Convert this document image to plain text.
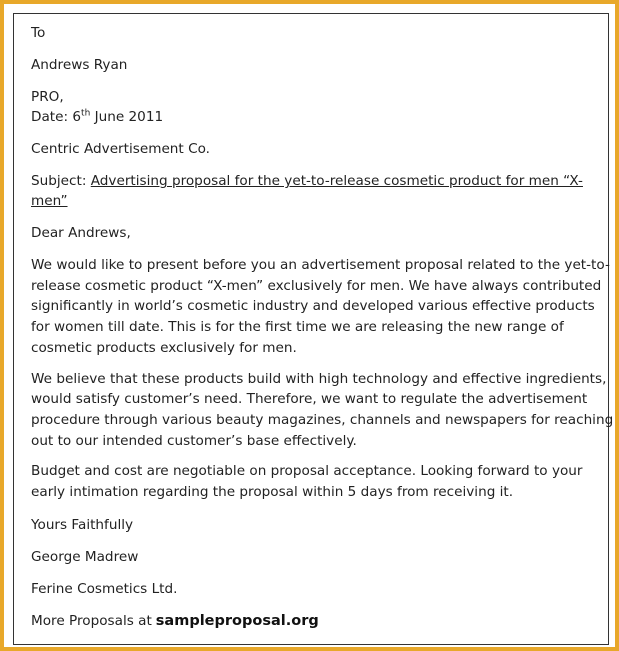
To

Andrews Ryan

PRO,

Date: 6th June 2011

Centric Advertisement Co.

Subject: Advertising proposal for the yet-to-release cosmetic product for men “X-men”

Dear Andrews,

We would like to present before you an advertisement proposal related to the yet-to-release cosmetic product “X-men” exclusively for men. We have always contributed significantly in world’s cosmetic industry and developed various effective products for women till date. This is for the first time we are releasing the new range of cosmetic products exclusively for men.

We believe that these products build with high technology and effective ingredients, would satisfy customer’s need. Therefore, we want to regulate the advertisement procedure through various beauty magazines, channels and newspapers for reaching out to our intended customer’s base effectively.

Budget and cost are negotiable on proposal acceptance. Looking forward to your early intimation regarding the proposal within 5 days from receiving it.

Yours Faithfully

George Madrew

Ferine Cosmetics Ltd.

More Proposals at sampleproposal.org
